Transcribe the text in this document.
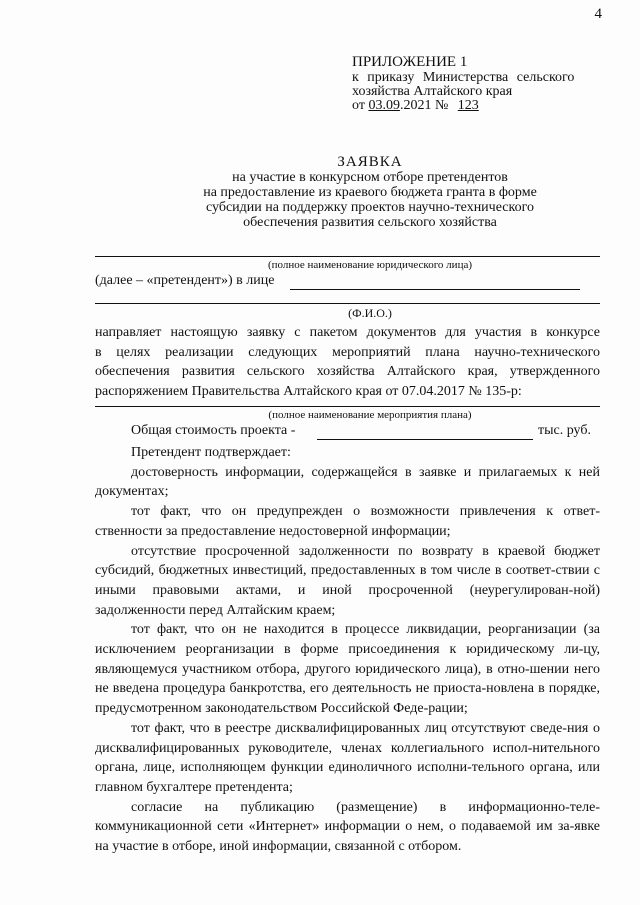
4
ПРИЛОЖЕНИЕ 1
к приказу Министерства сельского
хозяйства Алтайского края
от 03.09.2021 № 123
ЗАЯВКА
на участие в конкурсном отборе претендентов
на предоставление из краевого бюджета гранта в форме
субсидии на поддержку проектов научно-технического
обеспечения развития сельского хозяйства
(полное наименование юридического лица)
(далее – «претендент») в лице
(Ф.И.О.)

направляет настоящую заявку с пакетом документов для участия в конкурсе

в целях реализации следующих мероприятий плана научно-технического

обеспечения развития сельского хозяйства Алтайского края, утвержденного

распоряжением Правительства Алтайского края от 07.04.2017 № 135-р:

(полное наименование мероприятия плана)
Общая стоимость проекта -	тыс. руб.

Претендент подтверждает:

достоверность информации, содержащейся в заявке и прилагаемых к ней документах;

тот факт, что он предупрежден о возможности привлечения к ответ-ственности за предоставление недостоверной информации;

отсутствие просроченной задолженности по возврату в краевой бюджет субсидий, бюджетных инвестиций, предоставленных в том числе в соответ-ствии с иными правовыми актами, и иной просроченной (неурегулирован-ной) задолженности перед Алтайским краем;

тот факт, что он не находится в процессе ликвидации, реорганизации (за исключением реорганизации в форме присоединения к юридическому ли-цу, являющемуся участником отбора, другого юридического лица), в отно-шении него не введена процедура банкротства, его деятельность не приоста-новлена в порядке, предусмотренном законодательством Российской Феде-рации;

тот факт, что в реестре дисквалифицированных лиц отсутствуют сведе-ния о дисквалифицированных руководителе, членах коллегиального испол-нительного органа, лице, исполняющем функции единоличного исполни-тельного органа, или главном бухгалтере претендента;

согласие на публикацию (размещение) в информационно-теле-коммуникационной сети «Интернет» информации о нем, о подаваемой им за-явке на участие в отборе, иной информации, связанной с отбором.
